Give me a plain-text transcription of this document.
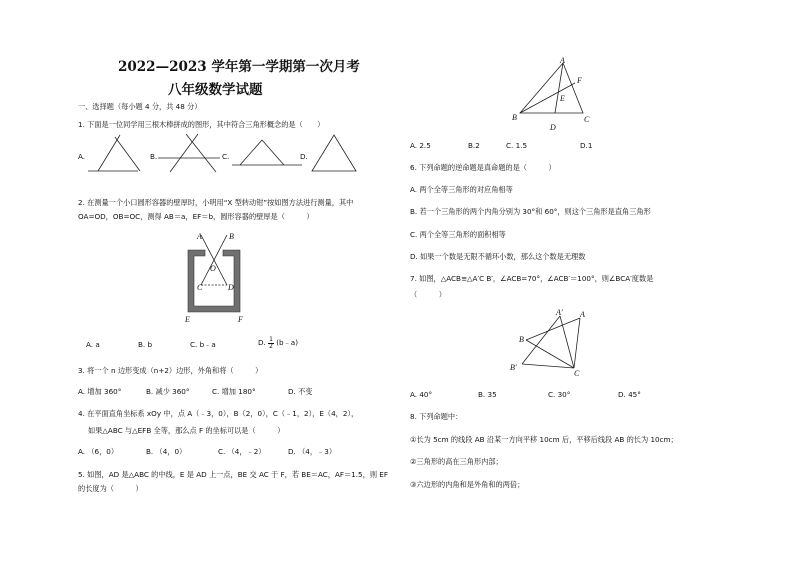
2022—2023 学年第一学期第一次月考
八年级数学试题
一、选择题（每小题 4 分，共 48 分）
1. 下面是一位同学用三根木棒拼成的图形，其中符合三角形概念的是（　　）
A.	B.	C.	D.
2. 在测量一个小口圆形容器的壁厚时，小明用“X 型转动钳”按如图方法进行测量，其中
OA=OD，OB=OC，测得 AB＝a，EF＝b，圆形容器的壁厚是（　　　）
A	B
O
C	D
E	F
A. a	B. b	C. b﹣a	D. $\frac{1}{2}$ (b﹣a)
3. 将一个 n 边形变成（n+2）边形，外角和将（　　　）
A. 增加 360°	B. 减少 360°	C. 增加 180°	D. 不变
4. 在平面直角坐标系 xOy 中，点 A（﹣3，0），B（2，0），C（﹣1，2），E（4，2），
如果△ABC 与△EFB 全等，那么点 F 的坐标可以是（　　　）
A. （6，0）	B. （4，0）	C. （4，﹣2）	D. （4，﹣3）
5. 如图，AD 是△ABC 的中线，E 是 AD 上一点，BE 交 AC 于 F，若 BE＝AC，AF＝1.5，则 EF
的长度为（　　　）
A
B	C
D
E
F
A. 2.5	B.2	C. 1.5	D.1
6. 下列命题的逆命题是真命题的是（　　　）
A. 两个全等三角形的对应角相等
B. 若一个三角形的两个内角分别为 30°和 60°，则这个三角形是直角三角形
C. 两个全等三角形的面积相等
D. 如果一个数是无限不循环小数，那么这个数是无理数
7. 如图，△ACB≌△A′C B′，∠ACB=70°，∠ACB′＝100°，则∠BCA′度数是
（　　　）
A′ A
B
B′
C
A. 40°	B. 35	C. 30°	D. 45°
8. 下列命题中：
①长为 5cm 的线段 AB 沿某一方向平移 10cm 后，平移后线段 AB 的长为 10cm；
②三角形的高在三角形内部；
③六边形的内角和是外角和的两倍；
